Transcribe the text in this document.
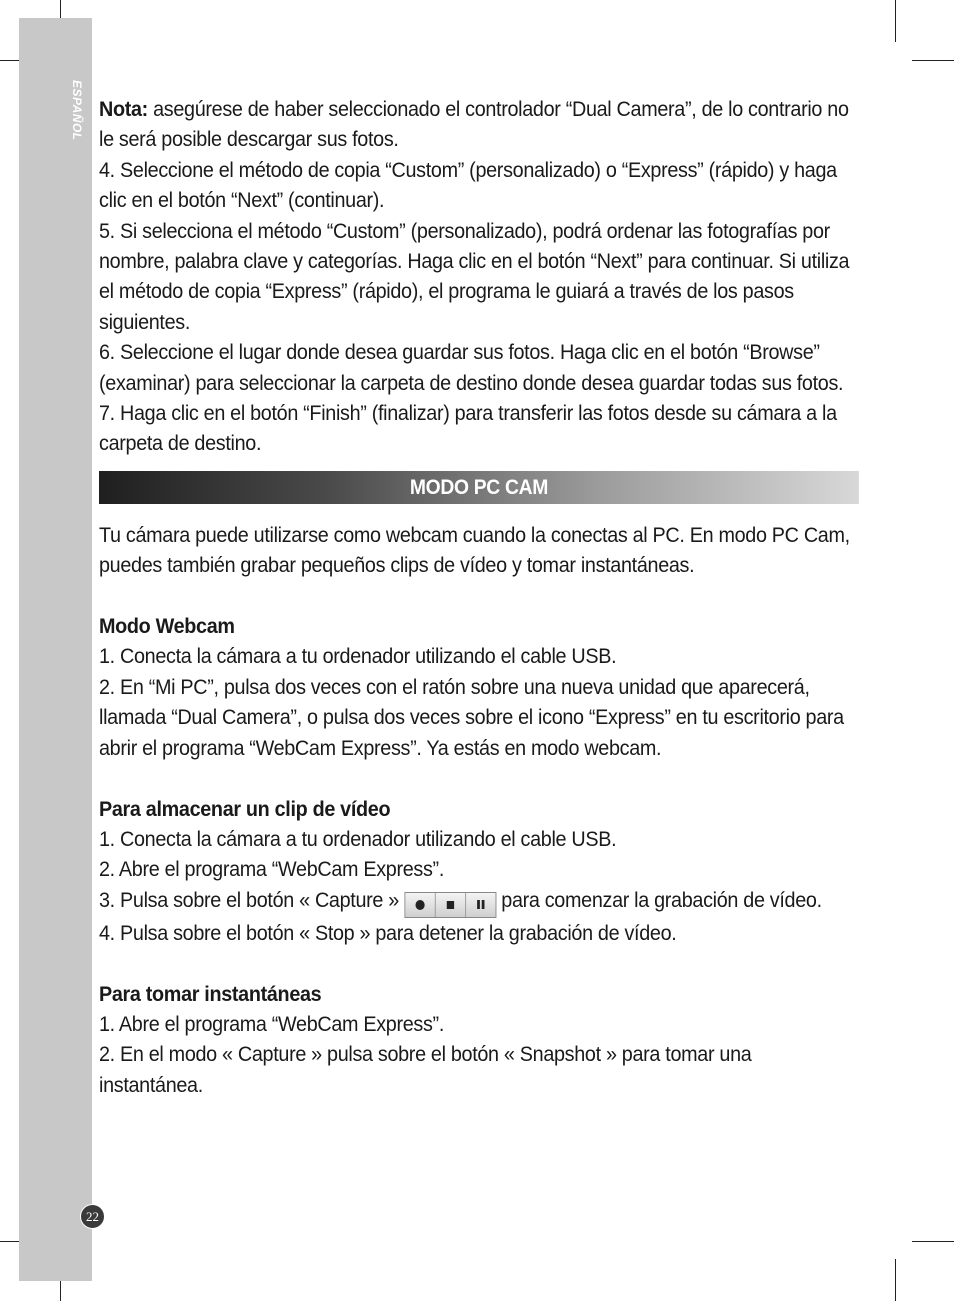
ESPAÑOL Nota: asegúrese de haber seleccionado el controlador “Dual Camera”, de lo contrario no le será posible descargar sus fotos.

4. Seleccione el método de copia “Custom” (personalizado) o “Express” (rápido) y haga clic en el botón “Next” (continuar).

5. Si selecciona el método “Custom” (personalizado), podrá ordenar las fotografías por nombre, palabra clave y categorías. Haga clic en el botón “Next” para continuar. Si utiliza el método de copia “Express” (rápido), el programa le guiará a través de los pasos siguientes.

6. Seleccione el lugar donde desea guardar sus fotos. Haga clic en el botón “Browse” (examinar) para seleccionar la carpeta de destino donde desea guardar todas sus fotos.

7. Haga clic en el botón “Finish” (finalizar) para transferir las fotos desde su cámara a la carpeta de destino.

MODO PC CAM

Tu cámara puede utilizarse como webcam cuando la conectas al PC. En modo PC Cam, puedes también grabar pequeños clips de vídeo y tomar instantáneas.

Modo Webcam

1. Conecta la cámara a tu ordenador utilizando el cable USB.

2. En “Mi PC”, pulsa dos veces con el ratón sobre una nueva unidad que aparecerá, llamada “Dual Camera”, o pulsa dos veces sobre el icono “Express” en tu escritorio para abrir el programa “WebCam Express”. Ya estás en modo webcam.

Para almacenar un clip de vídeo

1. Conecta la cámara a tu ordenador utilizando el cable USB.

2. Abre el programa “WebCam Express”.

3. Pulsa sobre el botón « Capture »	para comenzar la grabación de vídeo.

4. Pulsa sobre el botón « Stop » para detener la grabación de vídeo.

Para tomar instantáneas

1. Abre el programa “WebCam Express”.

2. En el modo « Capture » pulsa sobre el botón « Snapshot » para tomar una instantánea.

22
